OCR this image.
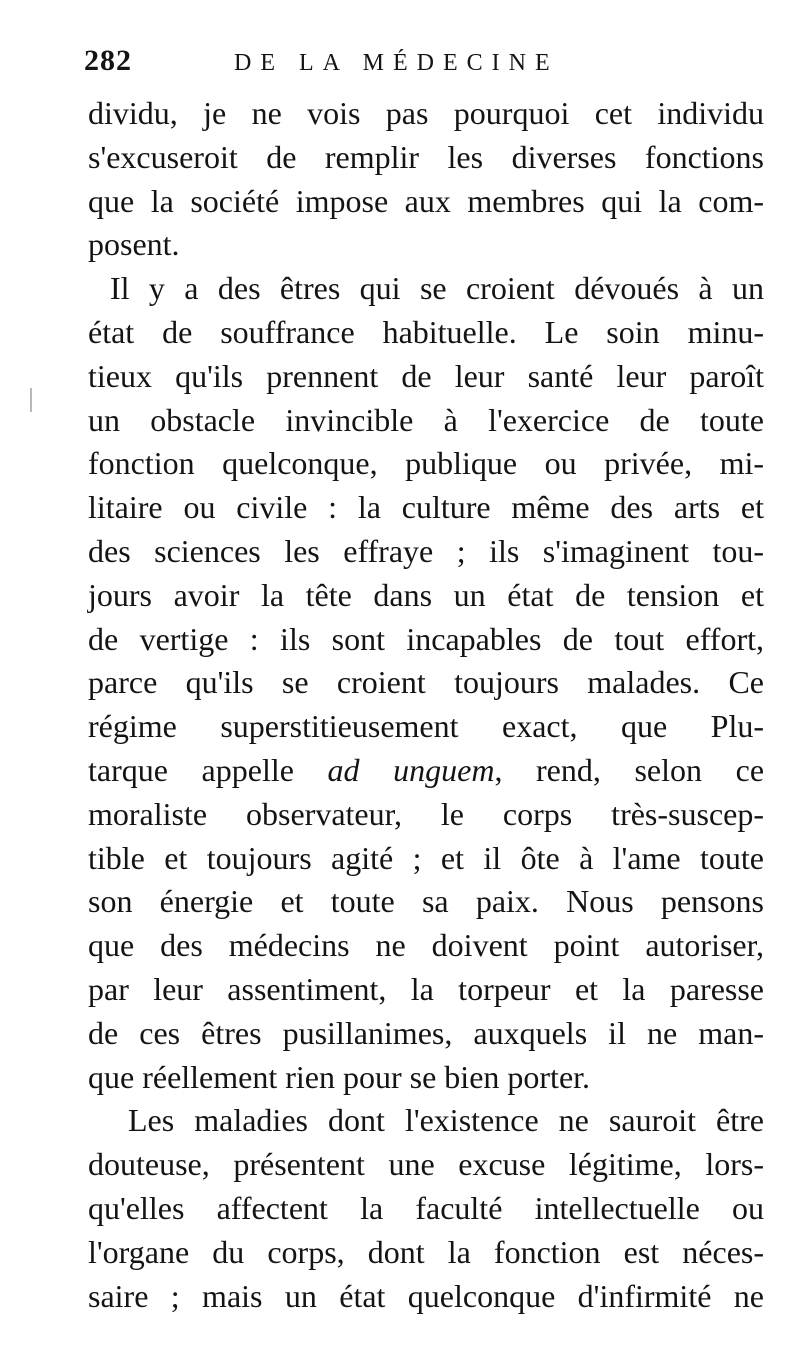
282	DE LA MÉDECINE
dividu, je ne vois pas pourquoi cet individu
s'excuseroit de remplir les diverses fonctions
que la société impose aux membres qui la com-
posent.
Il y a des êtres qui se croient dévoués à un
état de souffrance habituelle. Le soin minu-
tieux qu'ils prennent de leur santé leur paroît
un obstacle invincible à l'exercice de toute
fonction quelconque, publique ou privée, mi-
litaire ou civile : la culture même des arts et
des sciences les effraye ; ils s'imaginent tou-
jours avoir la tête dans un état de tension et
de vertige : ils sont incapables de tout effort,
parce qu'ils se croient toujours malades. Ce
régime superstitieusement exact, que Plu-
tarque appelle ad unguem, rend, selon ce
moraliste observateur, le corps très-suscep-
tible et toujours agité ; et il ôte à l'ame toute
son énergie et toute sa paix. Nous pensons
que des médecins ne doivent point autoriser,
par leur assentiment, la torpeur et la paresse
de ces êtres pusillanimes, auxquels il ne man-
que réellement rien pour se bien porter.
Les maladies dont l'existence ne sauroit être
douteuse, présentent une excuse légitime, lors-
qu'elles affectent la faculté intellectuelle ou
l'organe du corps, dont la fonction est néces-
saire ; mais un état quelconque d'infirmité ne
